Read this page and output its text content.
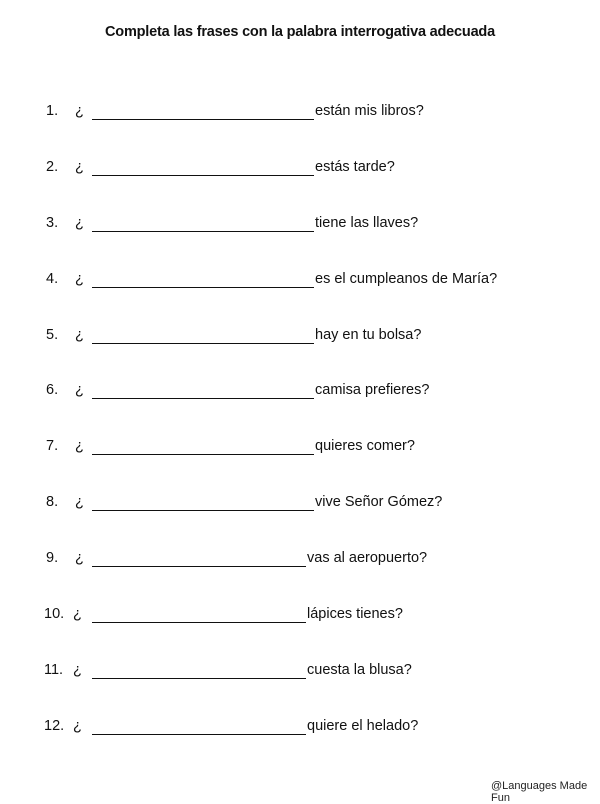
Completa las frases con la palabra interrogativa adecuada
1. ¿	están mis libros?
2. ¿	estás tarde?
3. ¿	tiene las llaves?
4. ¿	es el cumpleanos de María?
5. ¿	hay en tu bolsa?
6. ¿	camisa prefieres?
7. ¿	quieres comer?
8. ¿	vive Señor Gómez?
9. ¿	vas al aeropuerto?
10. ¿	lápices tienes?
11. ¿	cuesta la blusa?
12. ¿	quiere el helado?
@Languages Made Fun
